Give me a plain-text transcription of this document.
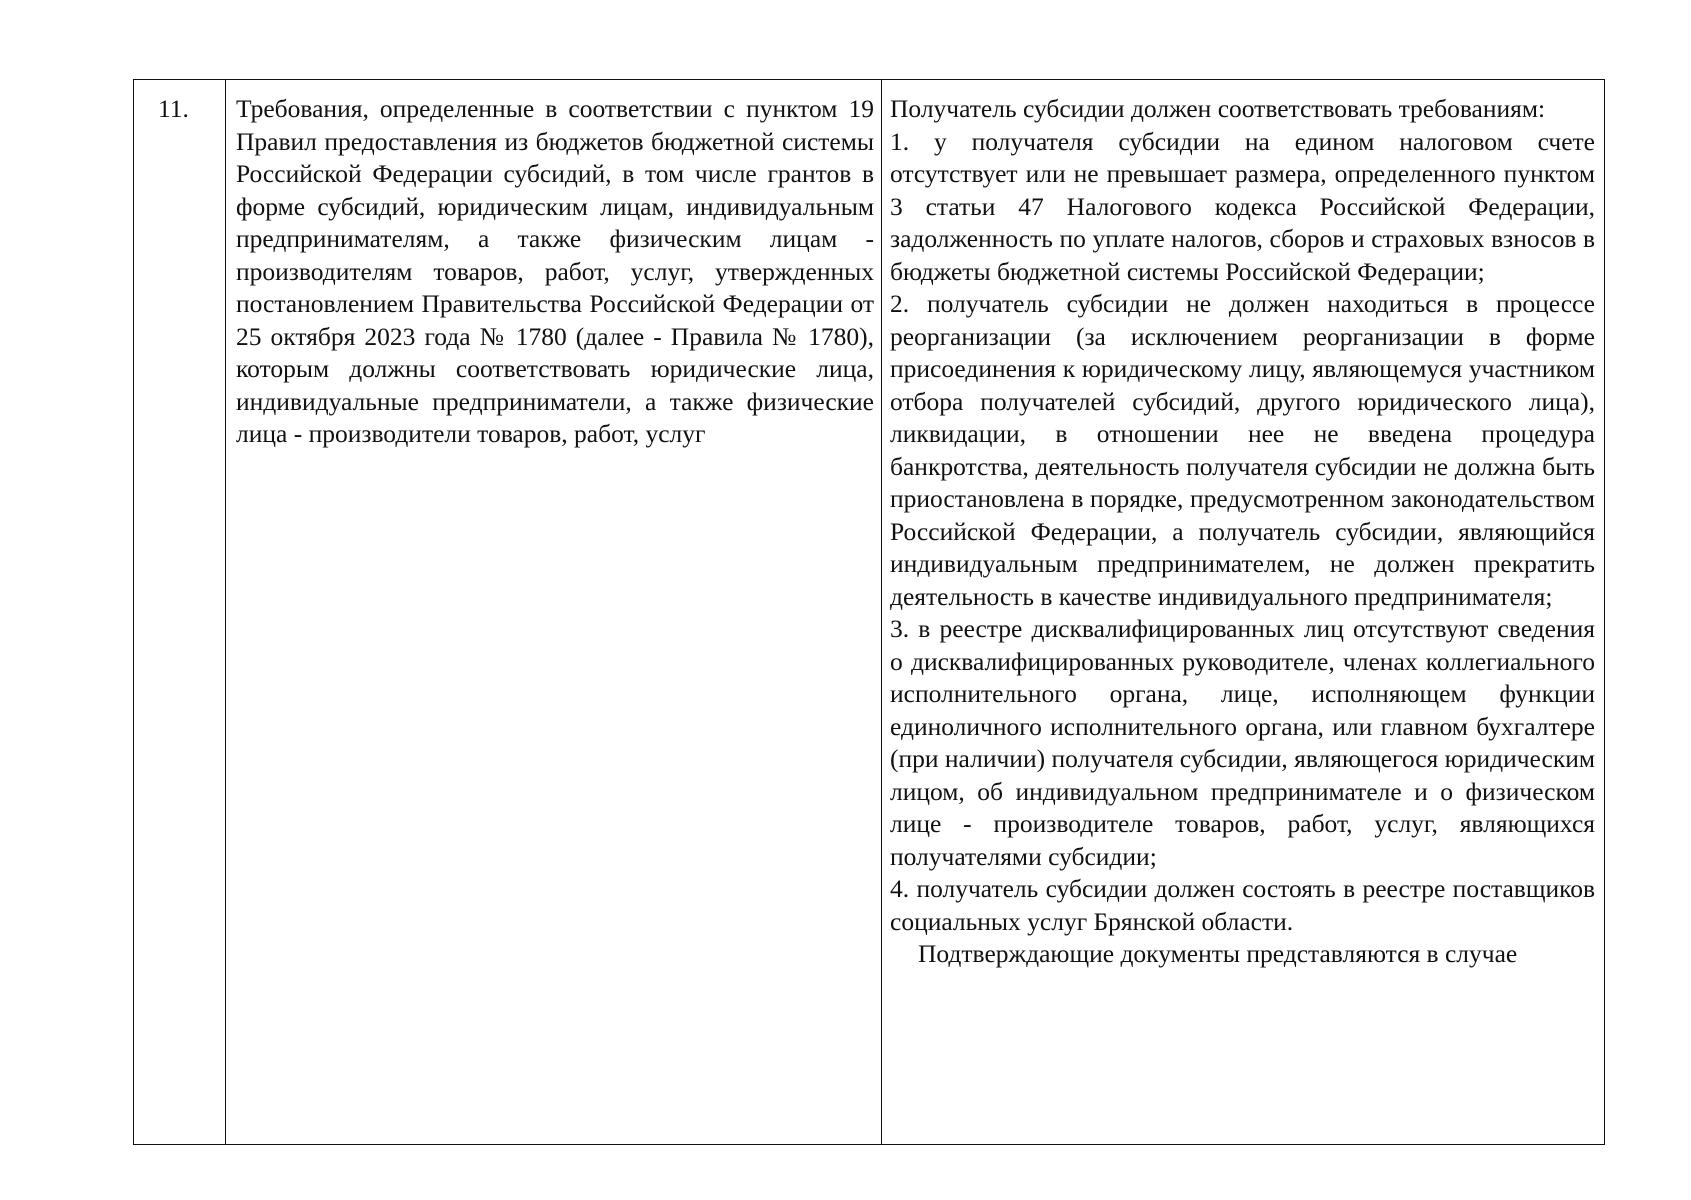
11.	Требования, определенные в соответствии с пунктом 19 Правил предоставления из бюджетов бюджетной системы Российской Федерации субсидий, в том числе грантов в форме субсидий, юридическим лицам, индивидуальным предпринимателям, а также физическим лицам - производителям товаров, работ, услуг, утвержденных постановлением Правительства Российской Федерации от 25 октября 2023 года № 1780 (далее - Правила № 1780), которым должны соответствовать юридические лица, индивидуальные предприниматели, а также физические лица - производители товаров, работ, услуг

Получатель субсидии должен соответствовать требованиям:

1. у получателя субсидии на едином налоговом счете отсутствует или не превышает размера, определенного пунктом 3 статьи 47 Налогового кодекса Российской Федерации, задолженность по уплате налогов, сборов и страховых взносов в бюджеты бюджетной системы Российской Федерации;

2. получатель субсидии не должен находиться в процессе реорганизации (за исключением реорганизации в форме присоединения к юридическому лицу, являющемуся участником отбора получателей субсидий, другого юридического лица), ликвидации, в отношении нее не введена процедура банкротства, деятельность получателя субсидии не должна быть приостановлена в порядке, предусмотренном законодательством Российской Федерации, а получатель субсидии, являющийся индивидуальным предпринимателем, не должен прекратить деятельность в качестве индивидуального предпринимателя;

3. в реестре дисквалифицированных лиц отсутствуют сведения о дисквалифицированных руководителе, членах коллегиального исполнительного органа, лице, исполняющем функции единоличного исполнительного органа, или главном бухгалтере (при наличии) получателя субсидии, являющегося юридическим лицом, об индивидуальном предпринимателе и о физическом лице - производителе товаров, работ, услуг, являющихся получателями субсидии;

4. получатель субсидии должен состоять в реестре поставщиков социальных услуг Брянской области.

Подтверждающие документы представляются в случае
